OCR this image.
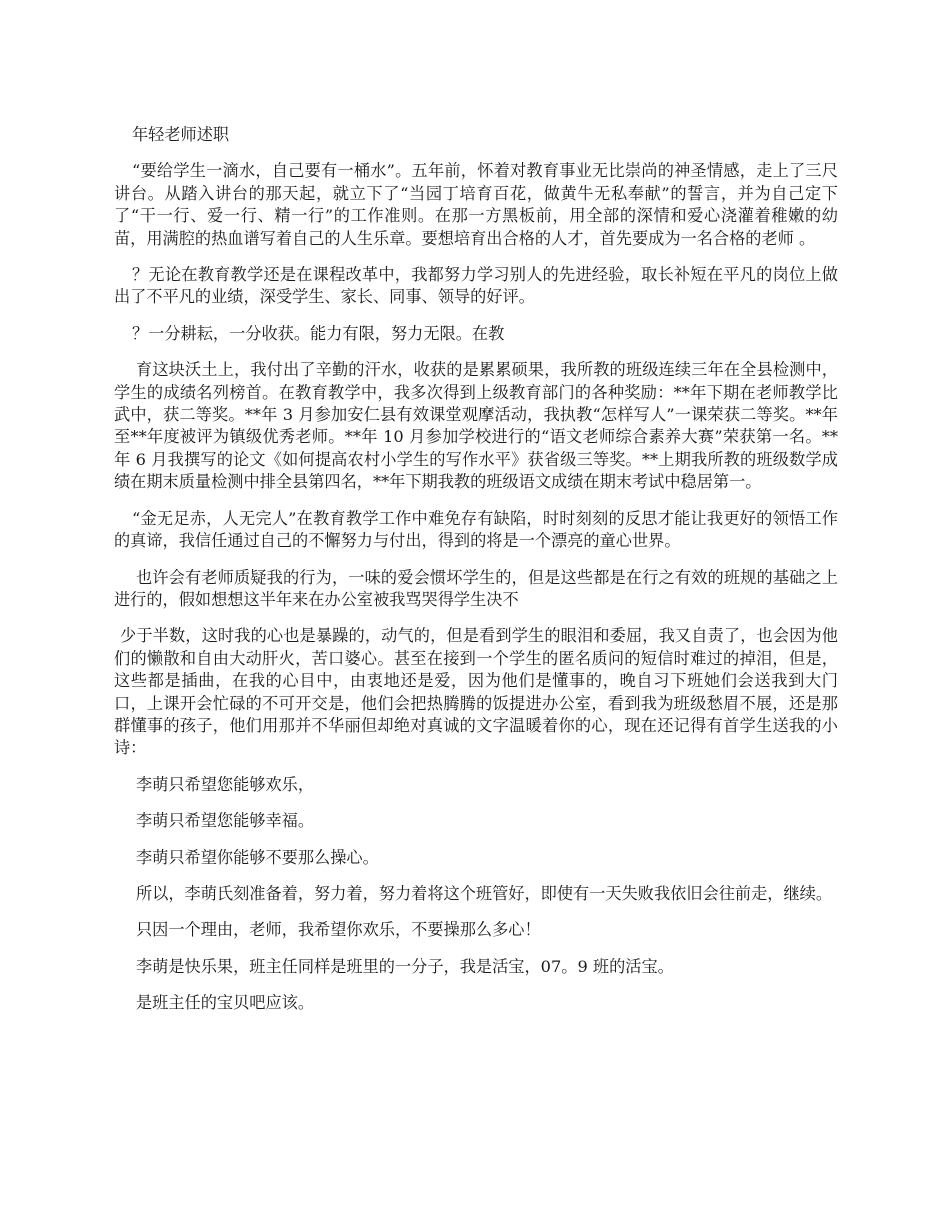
年轻老师述职

“要给学生一滴水，自己要有一桶水”。五年前，怀着对教育事业无比崇尚的神圣情感，走上了三尺讲台。从踏入讲台的那天起，就立下了“当园丁培育百花，做黄牛无私奉献”的誓言，并为自己定下了“干一行、爱一行、精一行”的工作准则。在那一方黑板前，用全部的深情和爱心浇灌着稚嫩的幼苗，用满腔的热血谱写着自己的人生乐章。要想培育出合格的人才，首先要成为一名合格的老师 。

？无论在教育教学还是在课程改革中，我都努力学习别人的先进经验，取长补短在平凡的岗位上做出了不平凡的业绩，深受学生、家长、同事、领导的好评。

？一分耕耘，一分收获。能力有限，努力无限。在教

育这块沃土上，我付出了辛勤的汗水，收获的是累累硕果，我所教的班级连续三年在全县检测中，学生的成绩名列榜首。在教育教学中，我多次得到上级教育部门的各种奖励：**年下期在老师教学比武中，获二等奖。**年 3 月参加安仁县有效课堂观摩活动，我执教“怎样写人”一课荣获二等奖。**年至**年度被评为镇级优秀老师。**年 10 月参加学校进行的“语文老师综合素养大赛”荣获第一名。**年 6 月我撰写的论文《如何提高农村小学生的写作水平》获省级三等奖。**上期我所教的班级数学成绩在期末质量检测中排全县第四名，**年下期我教的班级语文成绩在期末考试中稳居第一。

“金无足赤，人无完人”在教育教学工作中难免存有缺陷，时时刻刻的反思才能让我更好的领悟工作的真谛，我信任通过自己的不懈努力与付出，得到的将是一个漂亮的童心世界。

也许会有老师质疑我的行为，一味的爱会惯坏学生的，但是这些都是在行之有效的班规的基础之上进行的，假如想想这半年来在办公室被我骂哭得学生决不

少于半数，这时我的心也是暴躁的，动气的，但是看到学生的眼泪和委屈，我又自责了，也会因为他们的懒散和自由大动肝火，苦口婆心。甚至在接到一个学生的匿名质问的短信时难过的掉泪，但是，这些都是插曲，在我的心目中，由衷地还是爱，因为他们是懂事的，晚自习下班她们会送我到大门口，上课开会忙碌的不可开交是，他们会把热腾腾的饭提进办公室，看到我为班级愁眉不展，还是那群懂事的孩子，他们用那并不华丽但却绝对真诚的文字温暖着你的心，现在还记得有首学生送我的小诗：

李萌只希望您能够欢乐，

李萌只希望您能够幸福。

李萌只希望你能够不要那么操心。

所以，李萌氏刻准备着，努力着，努力着将这个班管好，即使有一天失败我依旧会往前走，继续。

只因一个理由，老师，我希望你欢乐，不要操那么多心！

李萌是快乐果，班主任同样是班里的一分子，我是活宝，07。9 班的活宝。

是班主任的宝贝吧应该。
